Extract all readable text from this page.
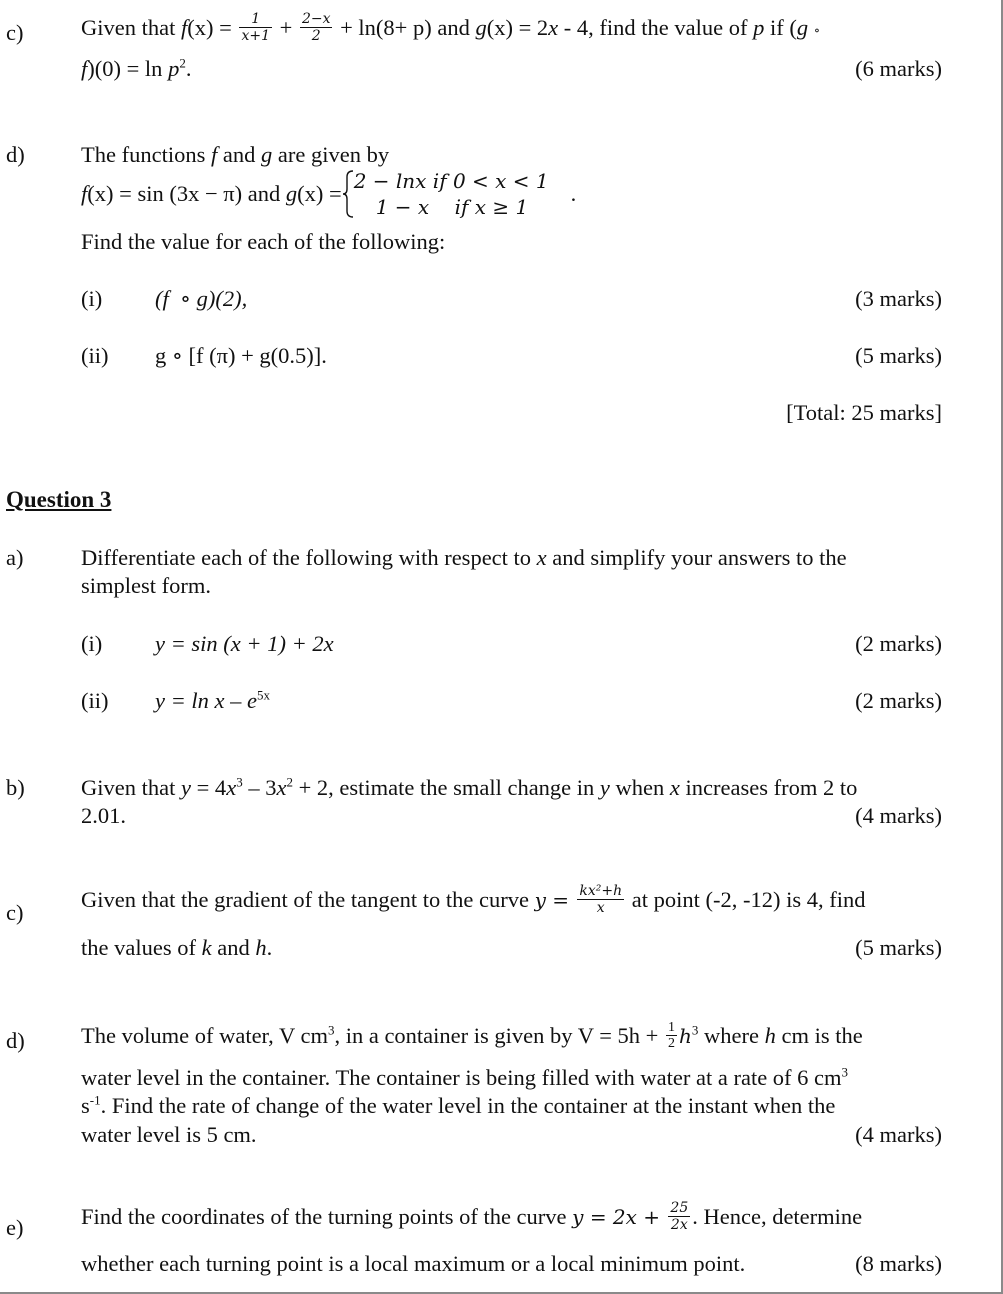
c)	Given that $f(x) = \frac{1}{x+1} + \frac{2-x}{2} + \ln(8+ p)$ and g(x) = 2x - 4, find the value of p if (g ∘
$f)(0) = \ln p^2$.	(6 marks)
d)	The functions f and g are given by
f(x) = sin (3x − π) and g(x) = 2 − lnx if 0 < x < 1
1 − x    if x ≥ 1
.
Find the value for each of the following:
(i) (f  ∘ g)(2),	(3 marks)
(ii) g ∘ [f (π) + g(0.5)].	(5 marks)
[Total: 25 marks]
Question 3
a)	Differentiate each of the following with respect to x and simplify your answers to the
simplest form.
(i) y = sin (x + 1) + 2x	(2 marks)
(ii) $y = \ln x - e^{5x}$	(2 marks)
b)	Given that $y = 4x^3 - 3x^2 + 2$, estimate the small change in y when x increases from 2 to
2.01.	(4 marks)
c)
Given that the gradient of the tangent to the curve $y = \frac{\text{kx²+h}}{x}$ at point (-2, -12) is 4, find
the values of k and h.	(5 marks)
d)	The volume of water, V $cm^3$, in a container is given by $V = 5h + \frac{1}{2} h^3$ where h cm is the
water level in the container. The container is being filled with water at a rate of 6 $cm^3$
$s^{-1}$. Find the rate of change of the water level in the container at the instant when the
water level is 5 cm.	(4 marks)
e)	Find the coordinates of the turning points of the curve $y = 2x + \frac{25}{2x}$ . Hence, determine
whether each turning point is a local maximum or a local minimum point.	(8 marks)
